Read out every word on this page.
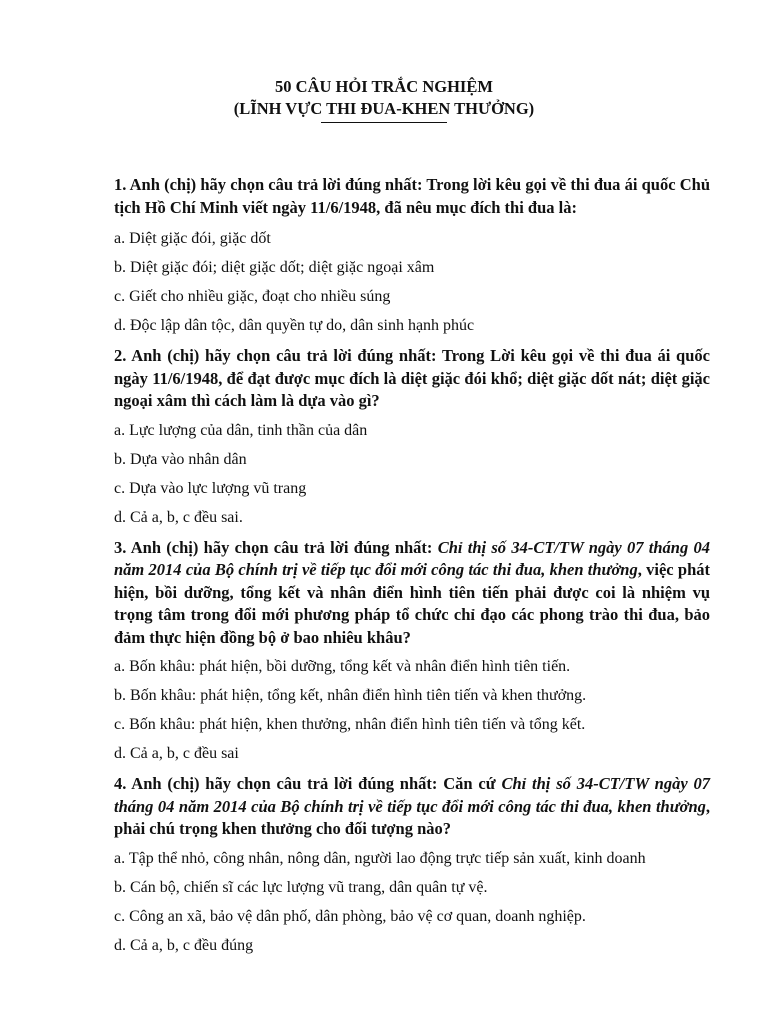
50 CÂU HỎI TRẮC NGHIỆM

(LĨNH VỰC THI ĐUA-KHEN THƯỞNG)

1. Anh (chị) hãy chọn câu trả lời đúng nhất: Trong lời kêu gọi về thi đua ái quốc Chủ tịch Hồ Chí Minh viết ngày 11/6/1948, đã nêu mục đích thi đua là:

a. Diệt giặc đói, giặc dốt

b. Diệt giặc đói; diệt giặc dốt; diệt giặc ngoại xâm

c. Giết cho nhiều giặc, đoạt cho nhiều súng

d. Độc lập dân tộc, dân quyền tự do, dân sinh hạnh phúc

2. Anh (chị) hãy chọn câu trả lời đúng nhất: Trong Lời kêu gọi về thi đua ái quốc ngày 11/6/1948, để đạt được mục đích là diệt giặc đói khổ; diệt giặc dốt nát; diệt giặc ngoại xâm thì cách làm là dựa vào gì?

a. Lực lượng của dân, tinh thần của dân

b. Dựa vào nhân dân

c. Dựa vào lực lượng vũ trang

d. Cả a, b, c đều sai.

3. Anh (chị) hãy chọn câu trả lời đúng nhất: Chỉ thị số 34-CT/TW ngày 07 tháng 04 năm 2014 của Bộ chính trị về tiếp tục đổi mới công tác thi đua, khen thưởng, việc phát hiện, bồi dưỡng, tổng kết và nhân điển hình tiên tiến phải được coi là nhiệm vụ trọng tâm trong đổi mới phương pháp tổ chức chỉ đạo các phong trào thi đua, bảo đảm thực hiện đồng bộ ở bao nhiêu khâu?

a. Bốn khâu: phát hiện, bồi dưỡng, tổng kết và nhân điển hình tiên tiến.

b. Bốn khâu: phát hiện, tổng kết, nhân điển hình tiên tiến và khen thưởng.

c. Bốn khâu: phát hiện, khen thưởng, nhân điển hình tiên tiến và tổng kết.

d. Cả a, b, c đều sai

4. Anh (chị) hãy chọn câu trả lời đúng nhất: Căn cứ Chỉ thị số 34-CT/TW ngày 07 tháng 04 năm 2014 của Bộ chính trị về tiếp tục đổi mới công tác thi đua, khen thưởng, phải chú trọng khen thưởng cho đối tượng nào?

a. Tập thể nhỏ, công nhân, nông dân, người lao động trực tiếp sản xuất, kinh doanh

b. Cán bộ, chiến sĩ các lực lượng vũ trang, dân quân tự vệ.

c. Công an xã, bảo vệ dân phố, dân phòng, bảo vệ cơ quan, doanh nghiệp.

d. Cả a, b, c đều đúng
